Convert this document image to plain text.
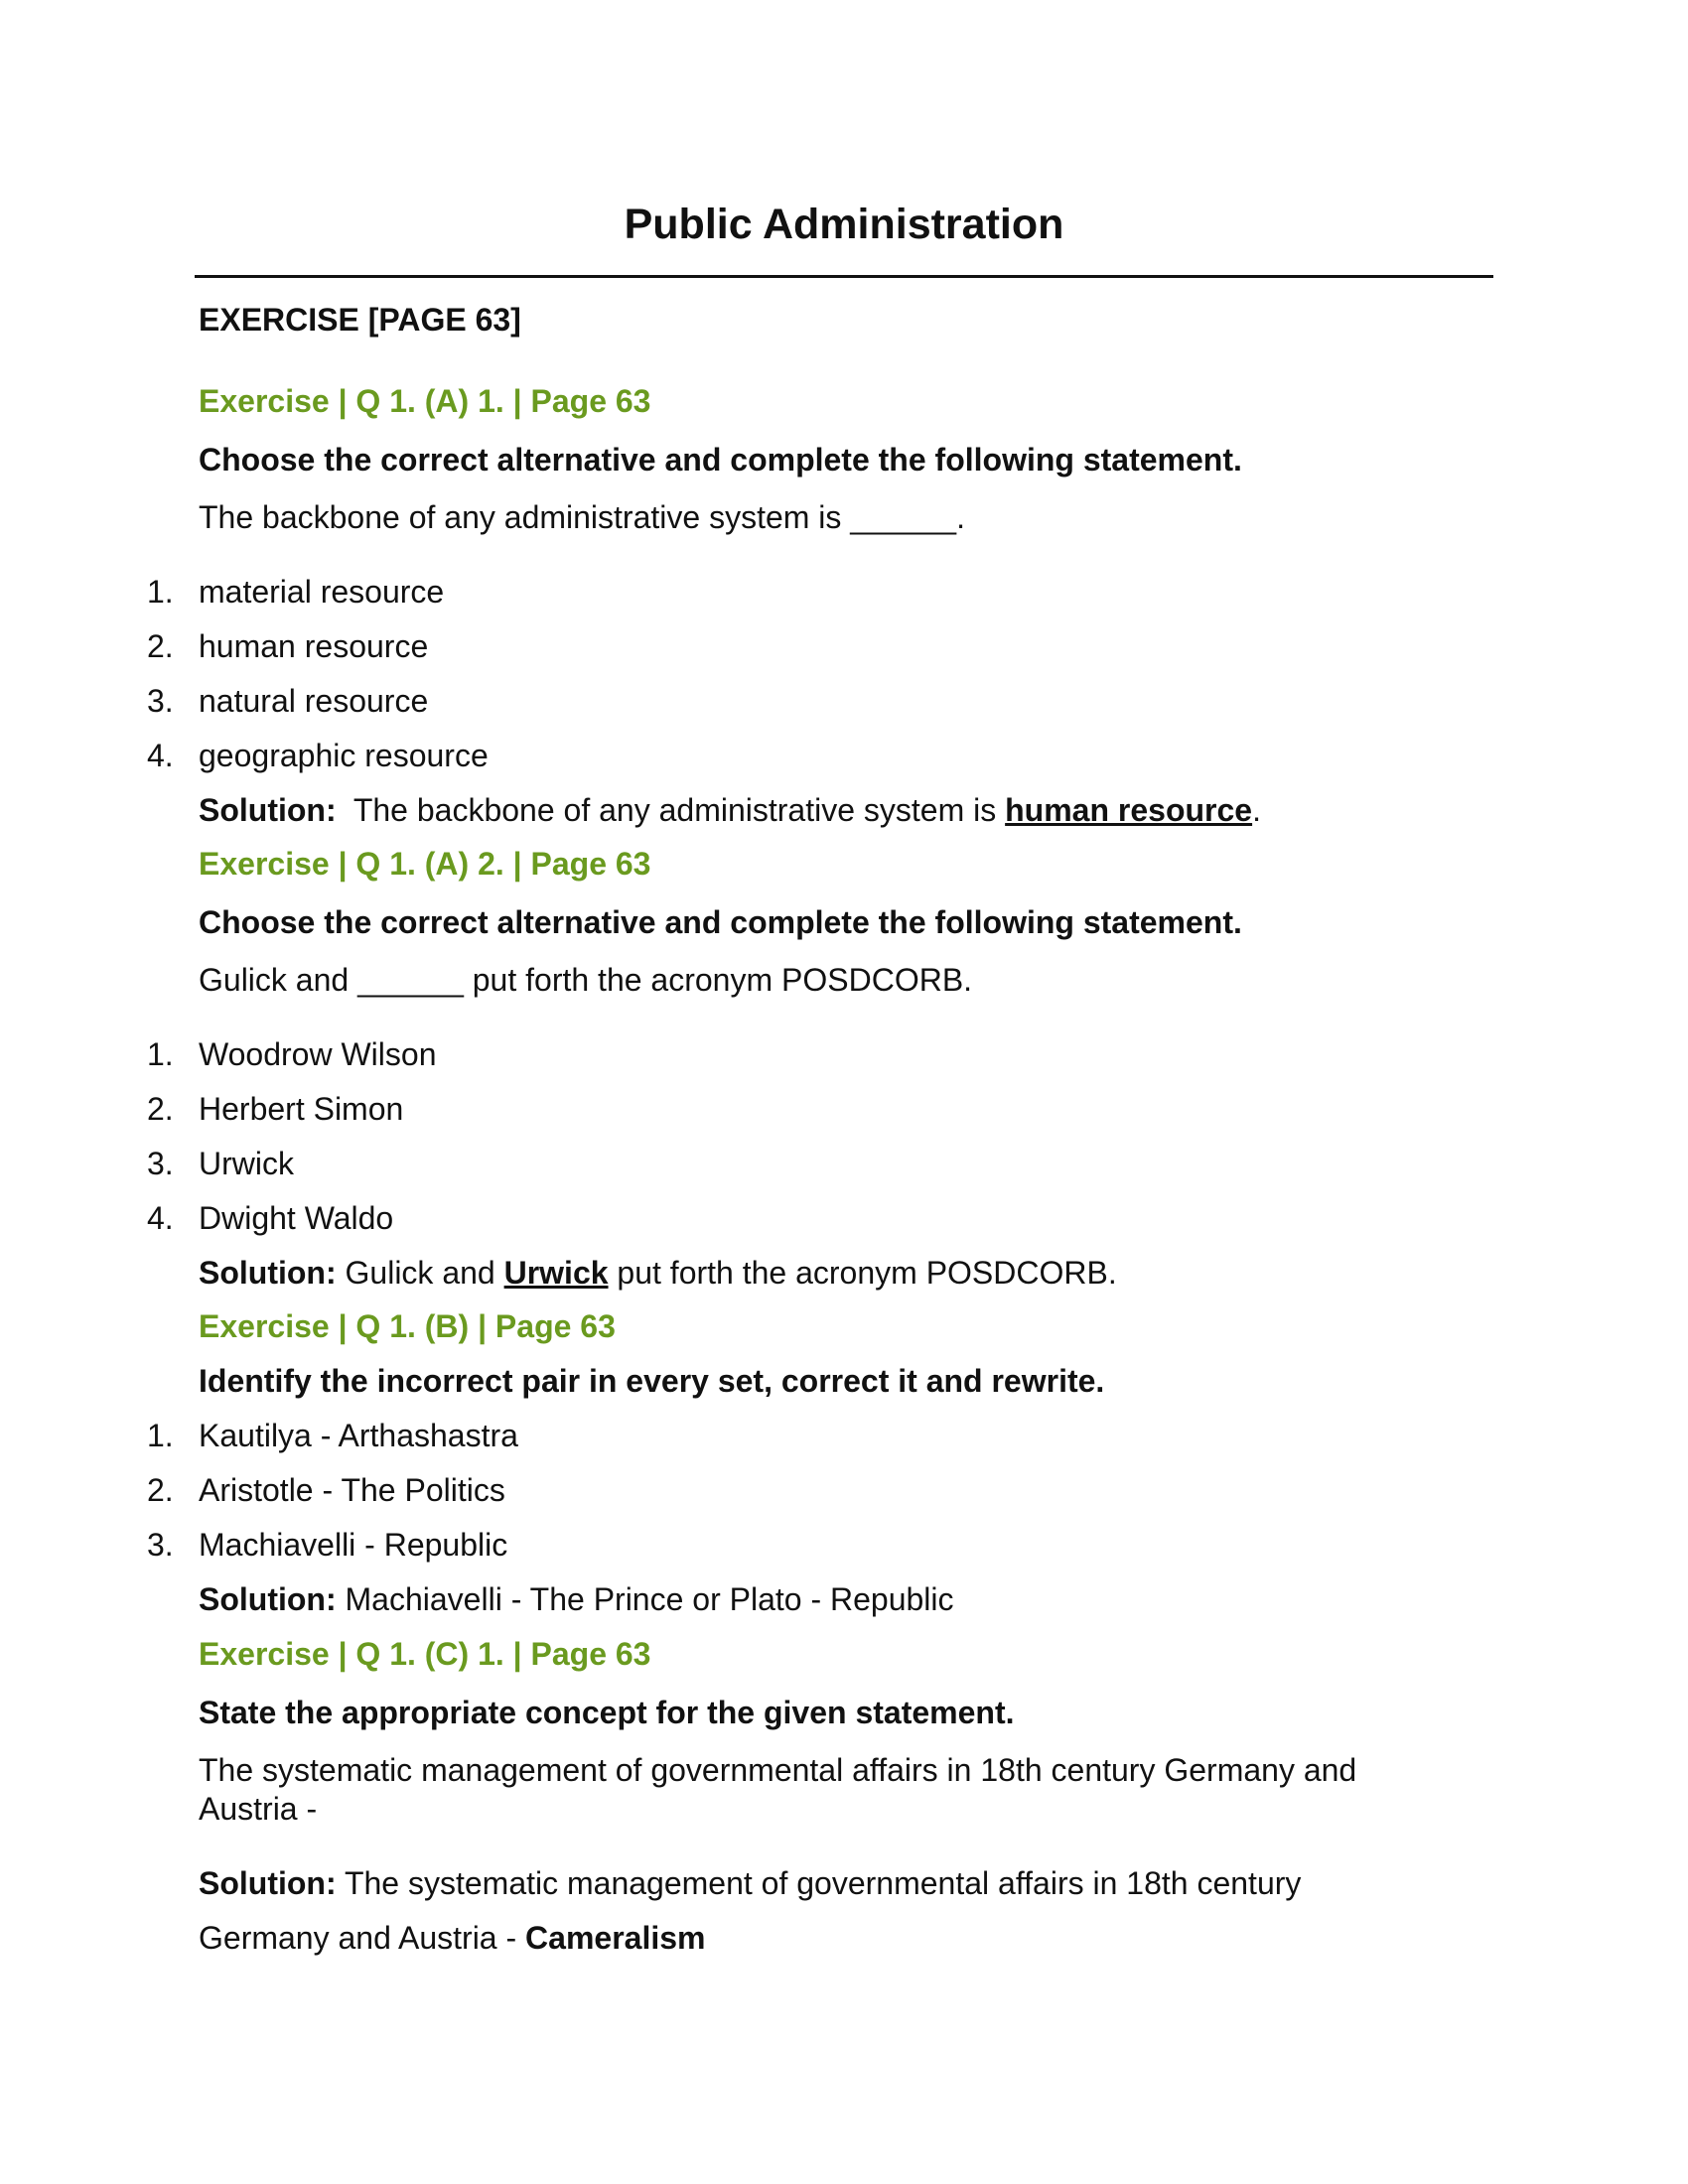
Public Administration
EXERCISE [PAGE 63]
Exercise | Q 1. (A) 1. | Page 63
Choose the correct alternative and complete the following statement.
The backbone of any administrative system is ______.
1. material resource
2. human resource
3. natural resource
4. geographic resource
Solution: The backbone of any administrative system is human resource.
Exercise | Q 1. (A) 2. | Page 63
Choose the correct alternative and complete the following statement.
Gulick and ______ put forth the acronym POSDCORB.
1. Woodrow Wilson
2. Herbert Simon
3. Urwick
4. Dwight Waldo
Solution: Gulick and Urwick put forth the acronym POSDCORB.
Exercise | Q 1. (B) | Page 63
Identify the incorrect pair in every set, correct it and rewrite.
1. Kautilya - Arthashastra
2. Aristotle - The Politics
3. Machiavelli - Republic
Solution: Machiavelli - The Prince or Plato - Republic
Exercise | Q 1. (C) 1. | Page 63
State the appropriate concept for the given statement.
The systematic management of governmental affairs in 18th century Germany and
Austria -
Solution: The systematic management of governmental affairs in 18th century
Germany and Austria - Cameralism
